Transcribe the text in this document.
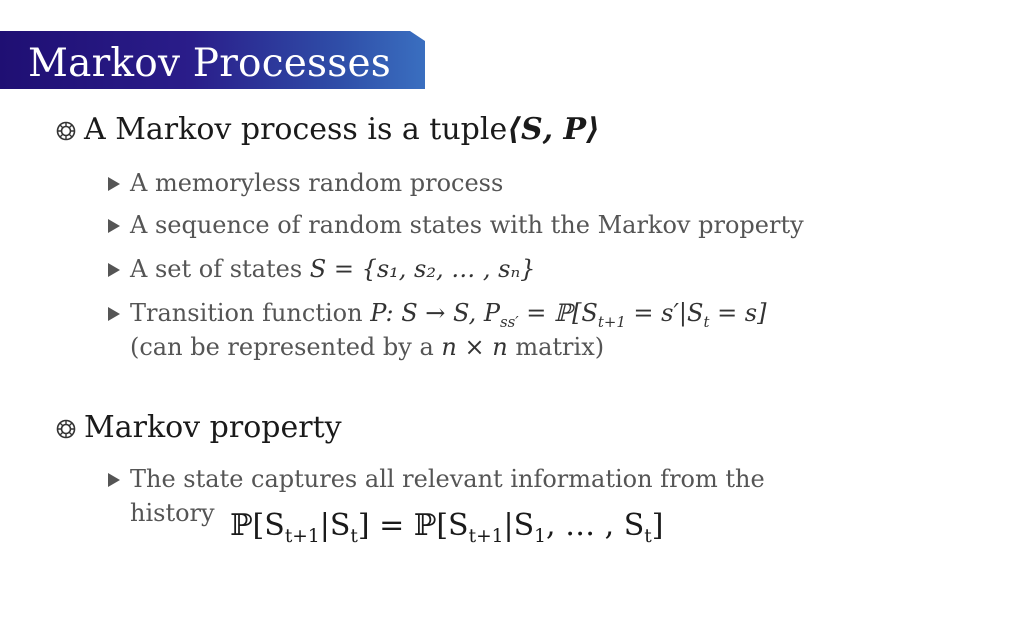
Markov Processes
A Markov process is a tuple ⟨𝑺, 𝑷⟩
A memoryless random process
A sequence of random states with the Markov property
A set of states S = {s₁, s₂, … , sₙ}
Transition function P: S → S, $P_{ss'}$ = $ℙ[S_{t+1} = s'|S_t = s]$
(can be represented by a n × n matrix)
Markov property
The state captures all relevant information from the
history $ℙ[S_{t+1}|S_t]$ = $ℙ[S_{t+1}|S_1$, … , $S_t$]
